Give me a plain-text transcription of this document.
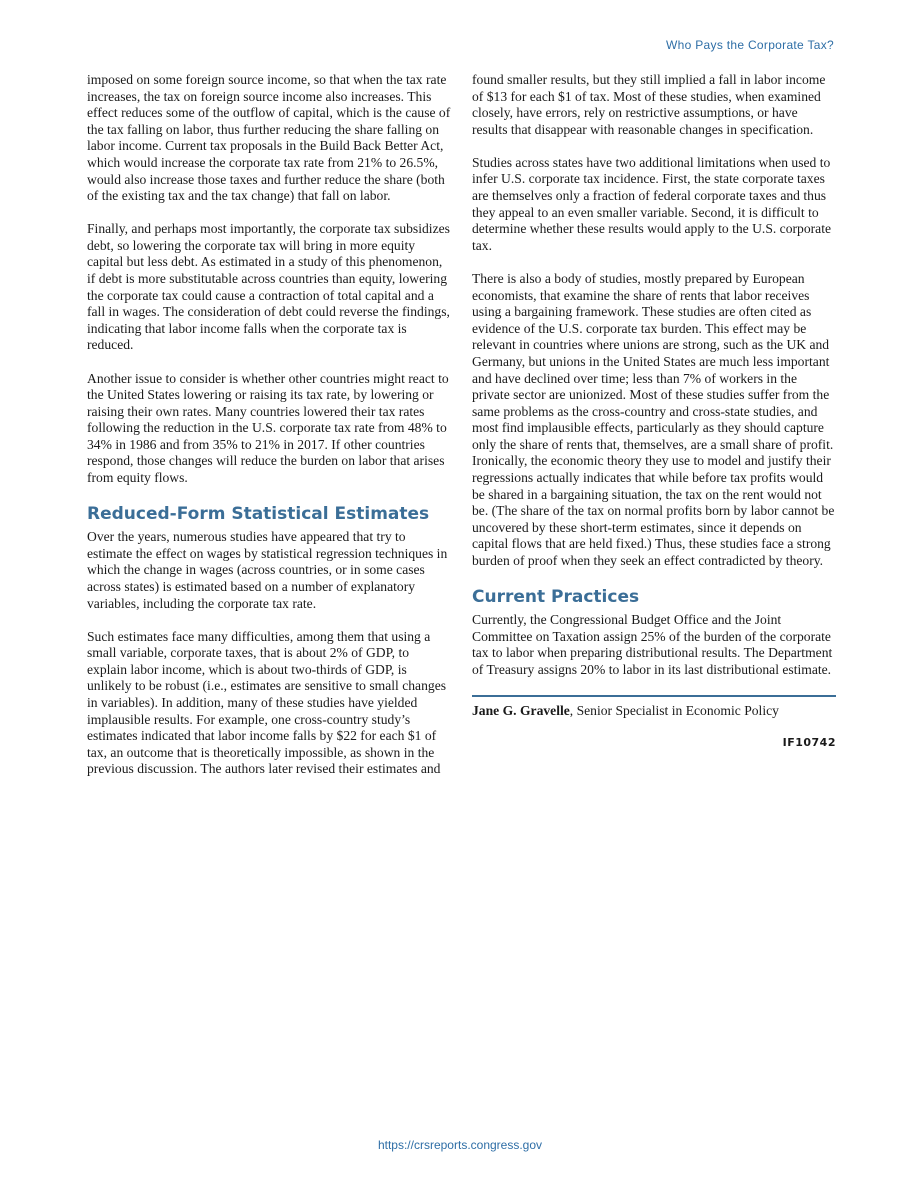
Who Pays the Corporate Tax?

imposed on some foreign source income, so that when the tax rate increases, the tax on foreign source income also increases. This effect reduces some of the outflow of capital, which is the cause of the tax falling on labor, thus further reducing the share falling on labor income. Current tax proposals in the Build Back Better Act, which would increase the corporate tax rate from 21% to 26.5%, would also increase those taxes and further reduce the share (both of the existing tax and the tax change) that fall on labor.

Finally, and perhaps most importantly, the corporate tax subsidizes debt, so lowering the corporate tax will bring in more equity capital but less debt. As estimated in a study of this phenomenon, if debt is more substitutable across countries than equity, lowering the corporate tax could cause a contraction of total capital and a fall in wages. The consideration of debt could reverse the findings, indicating that labor income falls when the corporate tax is reduced.

Another issue to consider is whether other countries might react to the United States lowering or raising its tax rate, by lowering or raising their own rates. Many countries lowered their tax rates following the reduction in the U.S. corporate tax rate from 48% to 34% in 1986 and from 35% to 21% in 2017. If other countries respond, those changes will reduce the burden on labor that arises from equity flows.

Reduced-Form Statistical Estimates

Over the years, numerous studies have appeared that try to estimate the effect on wages by statistical regression techniques in which the change in wages (across countries, or in some cases across states) is estimated based on a number of explanatory variables, including the corporate tax rate.

Such estimates face many difficulties, among them that using a small variable, corporate taxes, that is about 2% of GDP, to explain labor income, which is about two-thirds of GDP, is unlikely to be robust (i.e., estimates are sensitive to small changes in variables). In addition, many of these studies have yielded implausible results. For example, one cross-country study’s estimates indicated that labor income falls by $22 for each $1 of tax, an outcome that is theoretically impossible, as shown in the previous discussion. The authors later revised their estimates and

found smaller results, but they still implied a fall in labor income of $13 for each $1 of tax. Most of these studies, when examined closely, have errors, rely on restrictive assumptions, or have results that disappear with reasonable changes in specification.

Studies across states have two additional limitations when used to infer U.S. corporate tax incidence. First, the state corporate taxes are themselves only a fraction of federal corporate taxes and thus they appeal to an even smaller variable. Second, it is difficult to determine whether these results would apply to the U.S. corporate tax.

There is also a body of studies, mostly prepared by European economists, that examine the share of rents that labor receives using a bargaining framework. These studies are often cited as evidence of the U.S. corporate tax burden. This effect may be relevant in countries where unions are strong, such as the UK and Germany, but unions in the United States are much less important and have declined over time; less than 7% of workers in the private sector are unionized. Most of these studies suffer from the same problems as the cross-country and cross-state studies, and most find implausible effects, particularly as they should capture only the share of rents that, themselves, are a small share of profit. Ironically, the economic theory they use to model and justify their regressions actually indicates that while before tax profits would be shared in a bargaining situation, the tax on the rent would not be. (The share of the tax on normal profits born by labor cannot be uncovered by these short-term estimates, since it depends on capital flows that are held fixed.) Thus, these studies face a strong burden of proof when they seek an effect contradicted by theory.

Current Practices

Currently, the Congressional Budget Office and the Joint Committee on Taxation assign 25% of the burden of the corporate tax to labor when preparing distributional results. The Department of Treasury assigns 20% to labor in its last distributional estimate.

Jane G. Gravelle, Senior Specialist in Economic Policy

IF10742
https://crsreports.congress.gov
